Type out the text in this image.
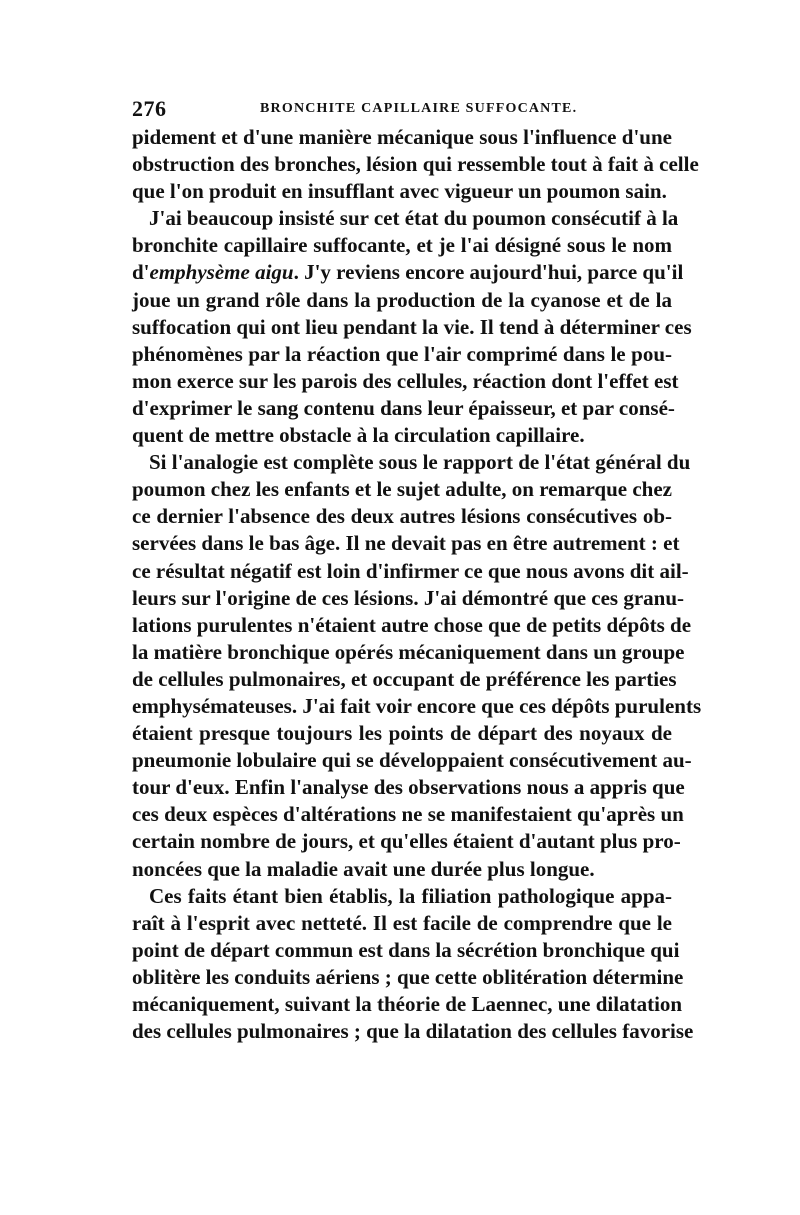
276	BRONCHITE CAPILLAIRE SUFFOCANTE.
pidement et d'une manière mécanique sous l'influence d'une
obstruction des bronches, lésion qui ressemble tout à fait à celle
que l'on produit en insufflant avec vigueur un poumon sain.
J'ai beaucoup insisté sur cet état du poumon consécutif à la
bronchite capillaire suffocante, et je l'ai désigné sous le nom
d'emphysème aigu. J'y reviens encore aujourd'hui, parce qu'il
joue un grand rôle dans la production de la cyanose et de la
suffocation qui ont lieu pendant la vie. Il tend à déterminer ces
phénomènes par la réaction que l'air comprimé dans le pou-
mon exerce sur les parois des cellules, réaction dont l'effet est
d'exprimer le sang contenu dans leur épaisseur, et par consé-
quent de mettre obstacle à la circulation capillaire.
Si l'analogie est complète sous le rapport de l'état général du
poumon chez les enfants et le sujet adulte, on remarque chez
ce dernier l'absence des deux autres lésions consécutives ob-
servées dans le bas âge. Il ne devait pas en être autrement : et
ce résultat négatif est loin d'infirmer ce que nous avons dit ail-
leurs sur l'origine de ces lésions. J'ai démontré que ces granu-
lations purulentes n'étaient autre chose que de petits dépôts de
la matière bronchique opérés mécaniquement dans un groupe
de cellules pulmonaires, et occupant de préférence les parties
emphysémateuses. J'ai fait voir encore que ces dépôts purulents
étaient presque toujours les points de départ des noyaux de
pneumonie lobulaire qui se développaient consécutivement au-
tour d'eux. Enfin l'analyse des observations nous a appris que
ces deux espèces d'altérations ne se manifestaient qu'après un
certain nombre de jours, et qu'elles étaient d'autant plus pro-
noncées que la maladie avait une durée plus longue.
Ces faits étant bien établis, la filiation pathologique appa-
raît à l'esprit avec netteté. Il est facile de comprendre que le
point de départ commun est dans la sécrétion bronchique qui
oblitère les conduits aériens ; que cette oblitération détermine
mécaniquement, suivant la théorie de Laennec, une dilatation
des cellules pulmonaires ; que la dilatation des cellules favorise
